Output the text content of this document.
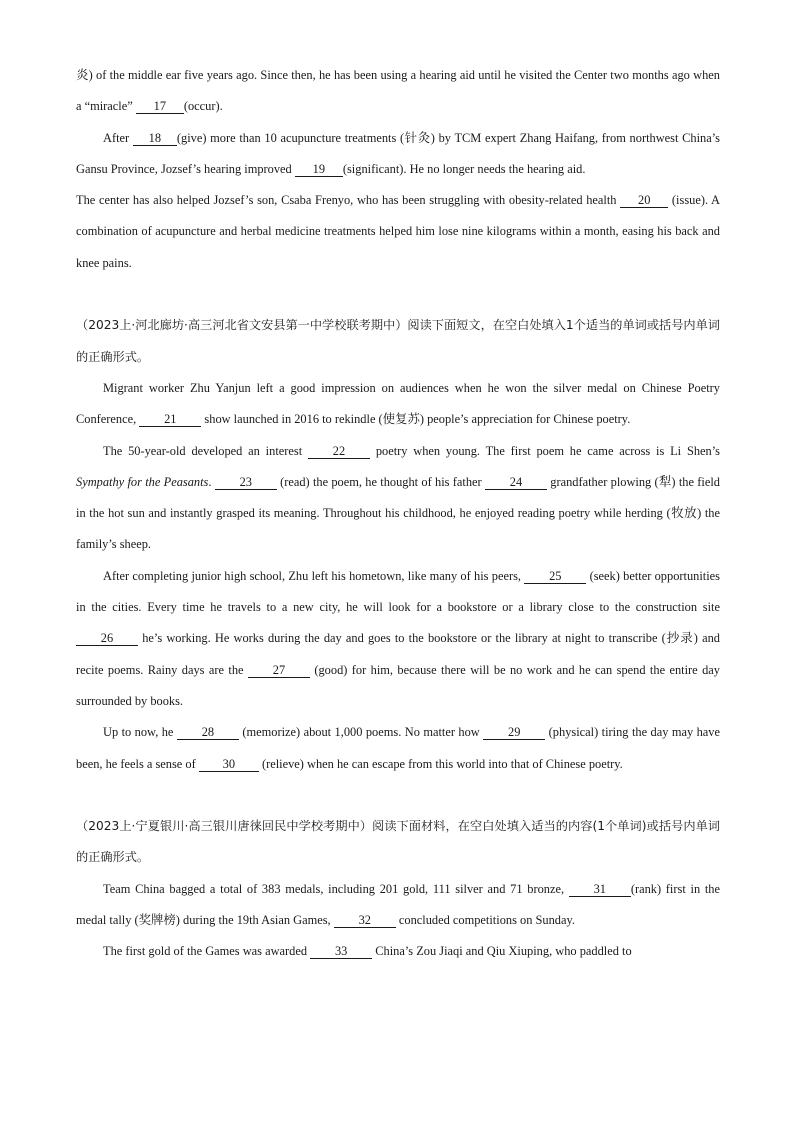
炎) of the middle ear five years ago. Since then, he has been using a hearing aid until he visited the Center two months ago when a “miracle” 17 (occur).

After 18 (give) more than 10 acupuncture treatments (针灸) by TCM expert Zhang Haifang, from northwest China’s Gansu Province, Jozsef’s hearing improved 19 (significant). He no longer needs the hearing aid.

The center has also helped Jozsef’s son, Csaba Frenyo, who has been struggling with obesity-related health 20 (issue). A combination of acupuncture and herbal medicine treatments helped him lose nine kilograms within a month, easing his back and knee pains.

（2023上·河北廊坊·高三河北省文安县第一中学校联考期中）阅读下面短文，在空白处填入1个适当的单词或括号内单词的正确形式。

Migrant worker Zhu Yanjun left a good impression on audiences when he won the silver medal on Chinese Poetry Conference, 21 show launched in 2016 to rekindle (使复苏) people’s appreciation for Chinese poetry.

The 50-year-old developed an interest 22 poetry when young. The first poem he came across is Li Shen’s Sympathy for the Peasants. 23 (read) the poem, he thought of his father 24 grandfather plowing (犁) the field in the hot sun and instantly grasped its meaning. Throughout his childhood, he enjoyed reading poetry while herding (牧放) the family’s sheep.

After completing junior high school, Zhu left his hometown, like many of his peers, 25 (seek) better opportunities in the cities. Every time he travels to a new city, he will look for a bookstore or a library close to the construction site 26 he’s working. He works during the day and goes to the bookstore or the library at night to transcribe (抄录) and recite poems. Rainy days are the 27 (good) for him, because there will be no work and he can spend the entire day surrounded by books.

Up to now, he 28 (memorize) about 1,000 poems. No matter how 29 (physical) tiring the day may have been, he feels a sense of 30 (relieve) when he can escape from this world into that of Chinese poetry.

（2023上·宁夏银川·高三银川唐徕回民中学校考期中）阅读下面材料，在空白处填入适当的内容(1个单词)或括号内单词的正确形式。

Team China bagged a total of 383 medals, including 201 gold, 111 silver and 71 bronze, 31 (rank) first in the medal tally (奖牌榜) during the 19th Asian Games, 32 concluded competitions on Sunday.

The first gold of the Games was awarded 33 China’s Zou Jiaqi and Qiu Xiuping, who paddled to
